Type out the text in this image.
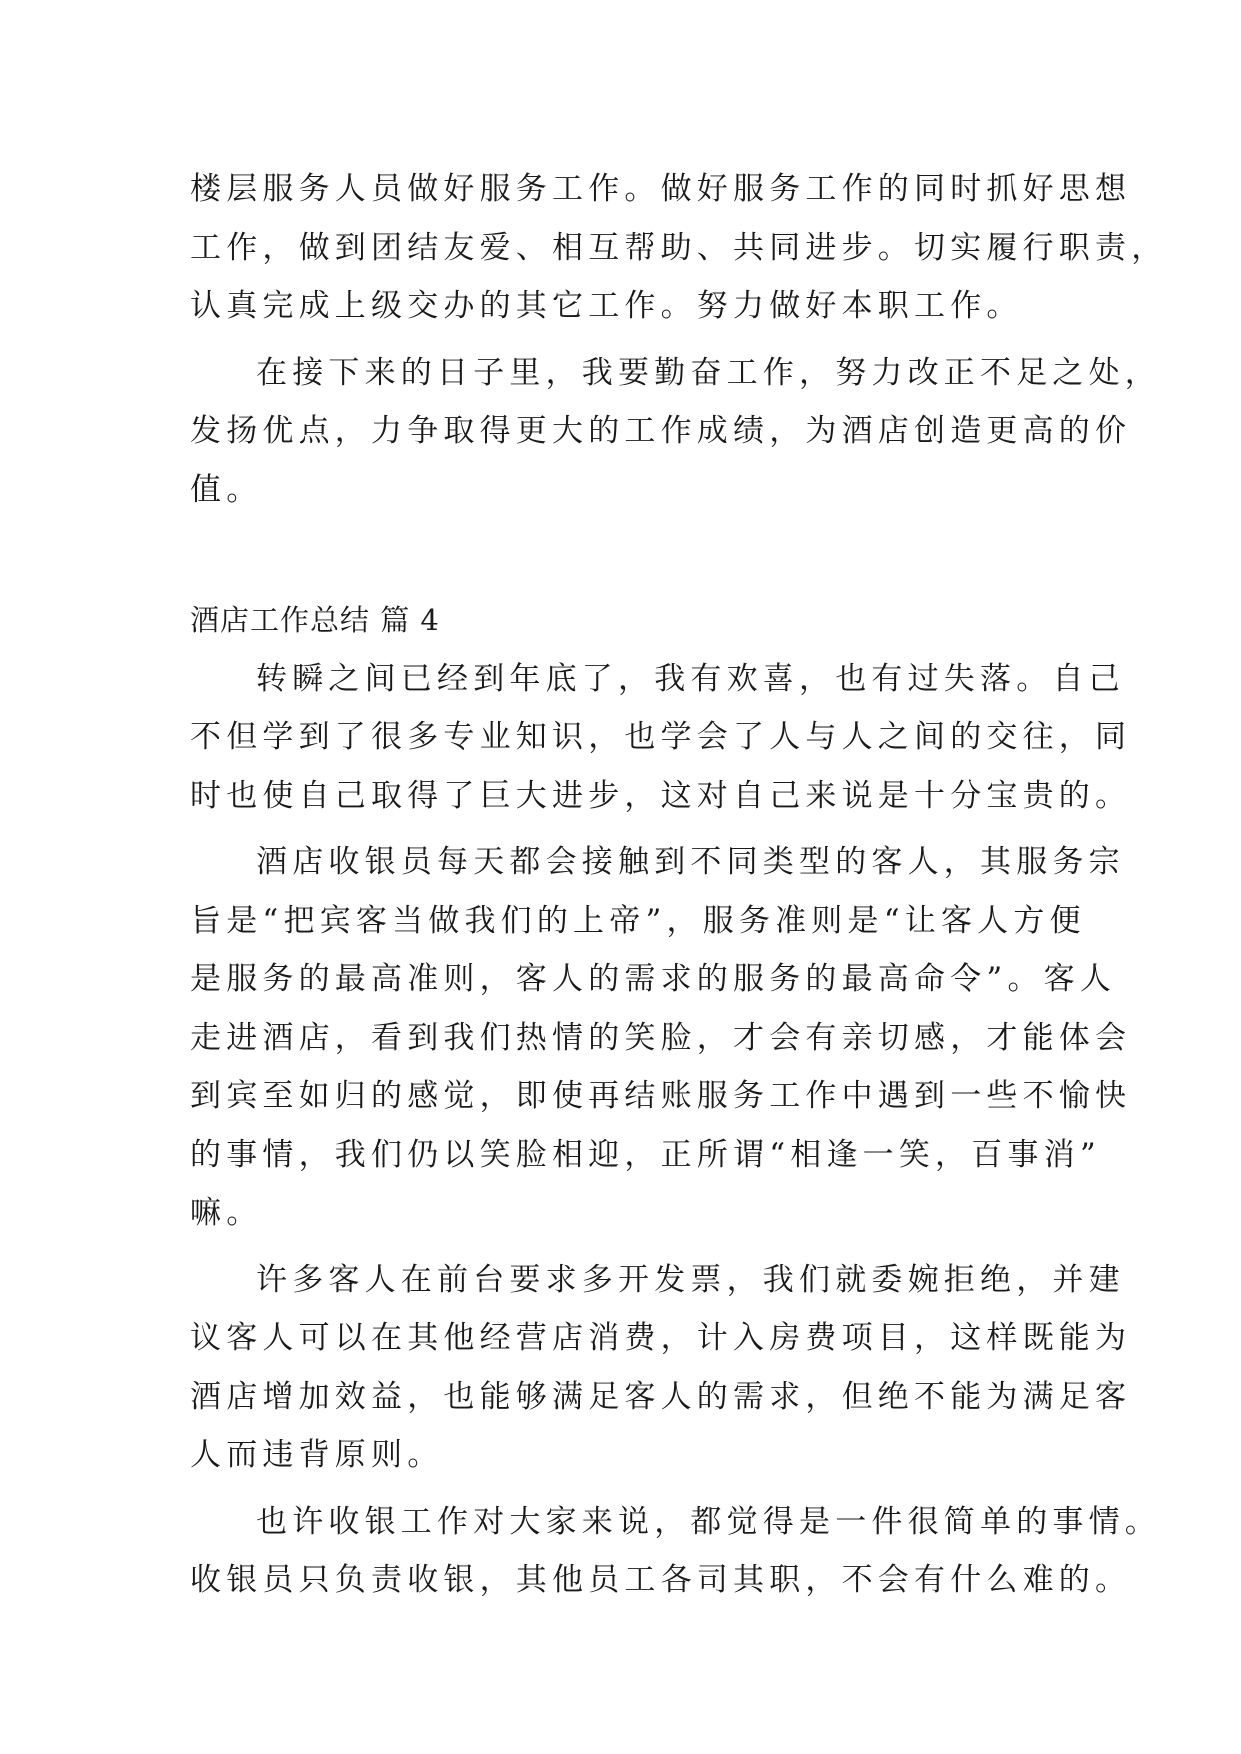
楼层服务人员做好服务工作。做好服务工作的同时抓好思想
工作，做到团结友爱、相互帮助、共同进步。切实履行职责，
认真完成上级交办的其它工作。努力做好本职工作。
在接下来的日子里，我要勤奋工作，努力改正不足之处，
发扬优点，力争取得更大的工作成绩，为酒店创造更高的价
值。
酒店工作总结 篇 4
转瞬之间已经到年底了，我有欢喜，也有过失落。自己
不但学到了很多专业知识，也学会了人与人之间的交往，同
时也使自己取得了巨大进步，这对自己来说是十分宝贵的。
酒店收银员每天都会接触到不同类型的客人，其服务宗
旨是“把宾客当做我们的上帝”，服务准则是“让客人方便
是服务的最高准则，客人的需求的服务的最高命令”。客人
走进酒店，看到我们热情的笑脸，才会有亲切感，才能体会
到宾至如归的感觉，即使再结账服务工作中遇到一些不愉快
的事情，我们仍以笑脸相迎，正所谓“相逢一笑，百事消”
嘛。
许多客人在前台要求多开发票，我们就委婉拒绝，并建
议客人可以在其他经营店消费，计入房费项目，这样既能为
酒店增加效益，也能够满足客人的需求，但绝不能为满足客
人而违背原则。
也许收银工作对大家来说，都觉得是一件很简单的事情。
收银员只负责收银，其他员工各司其职，不会有什么难的。
